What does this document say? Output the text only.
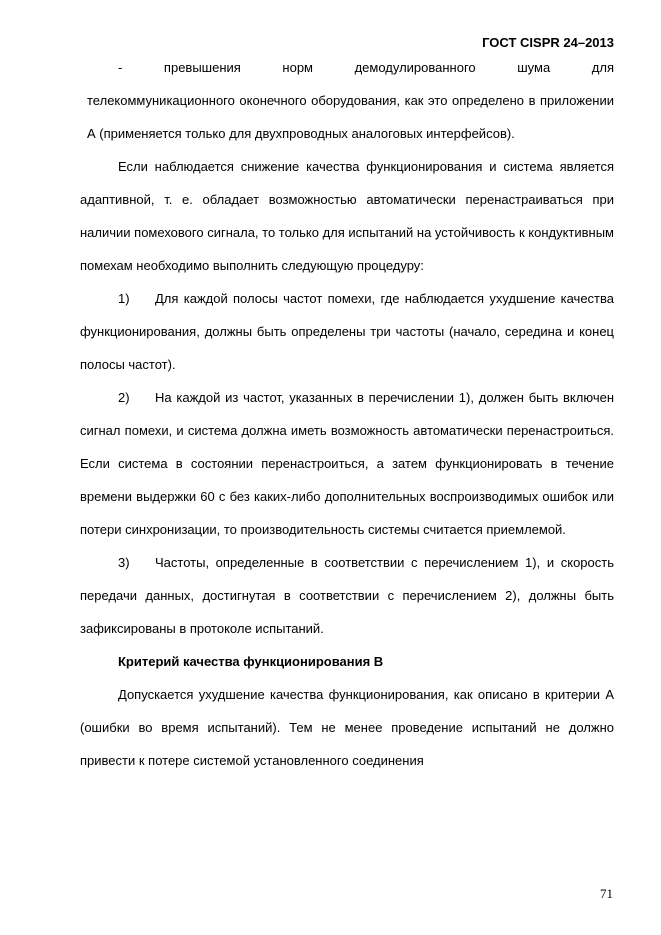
ГОСТ CISPR 24–2013

- превышения норм демодулированного шума для
телекоммуникационного оконечного оборудования, как это определено в приложении А (применяется только для двухпроводных аналоговых интерфейсов).

Если наблюдается снижение качества функционирования и система является адаптивной, т. е. обладает возможностью автоматически перенастраиваться при наличии помехового сигнала, то только для испытаний на устойчивость к кондуктивным помехам необходимо выполнить следующую процедуру:

1) Для каждой полосы частот помехи, где наблюдается ухудшение качества функционирования, должны быть определены три частоты (начало, середина и конец полосы частот).

2) На каждой из частот, указанных в перечислении 1), должен быть включен сигнал помехи, и система должна иметь возможность автоматически перенастроиться. Если система в состоянии перенастроиться, а затем функционировать в течение времени выдержки 60 с без каких-либо дополнительных воспроизводимых ошибок или потери синхронизации, то производительность системы считается приемлемой.

3) Частоты, определенные в соответствии с перечислением 1), и скорость передачи данных, достигнутая в соответствии с перечислением 2), должны быть зафиксированы в протоколе испытаний.

Критерий качества функционирования В

Допускается ухудшение качества функционирования, как описано в критерии А (ошибки во время испытаний). Тем не менее проведение испытаний не должно привести к потере системой установленного соединения

71
